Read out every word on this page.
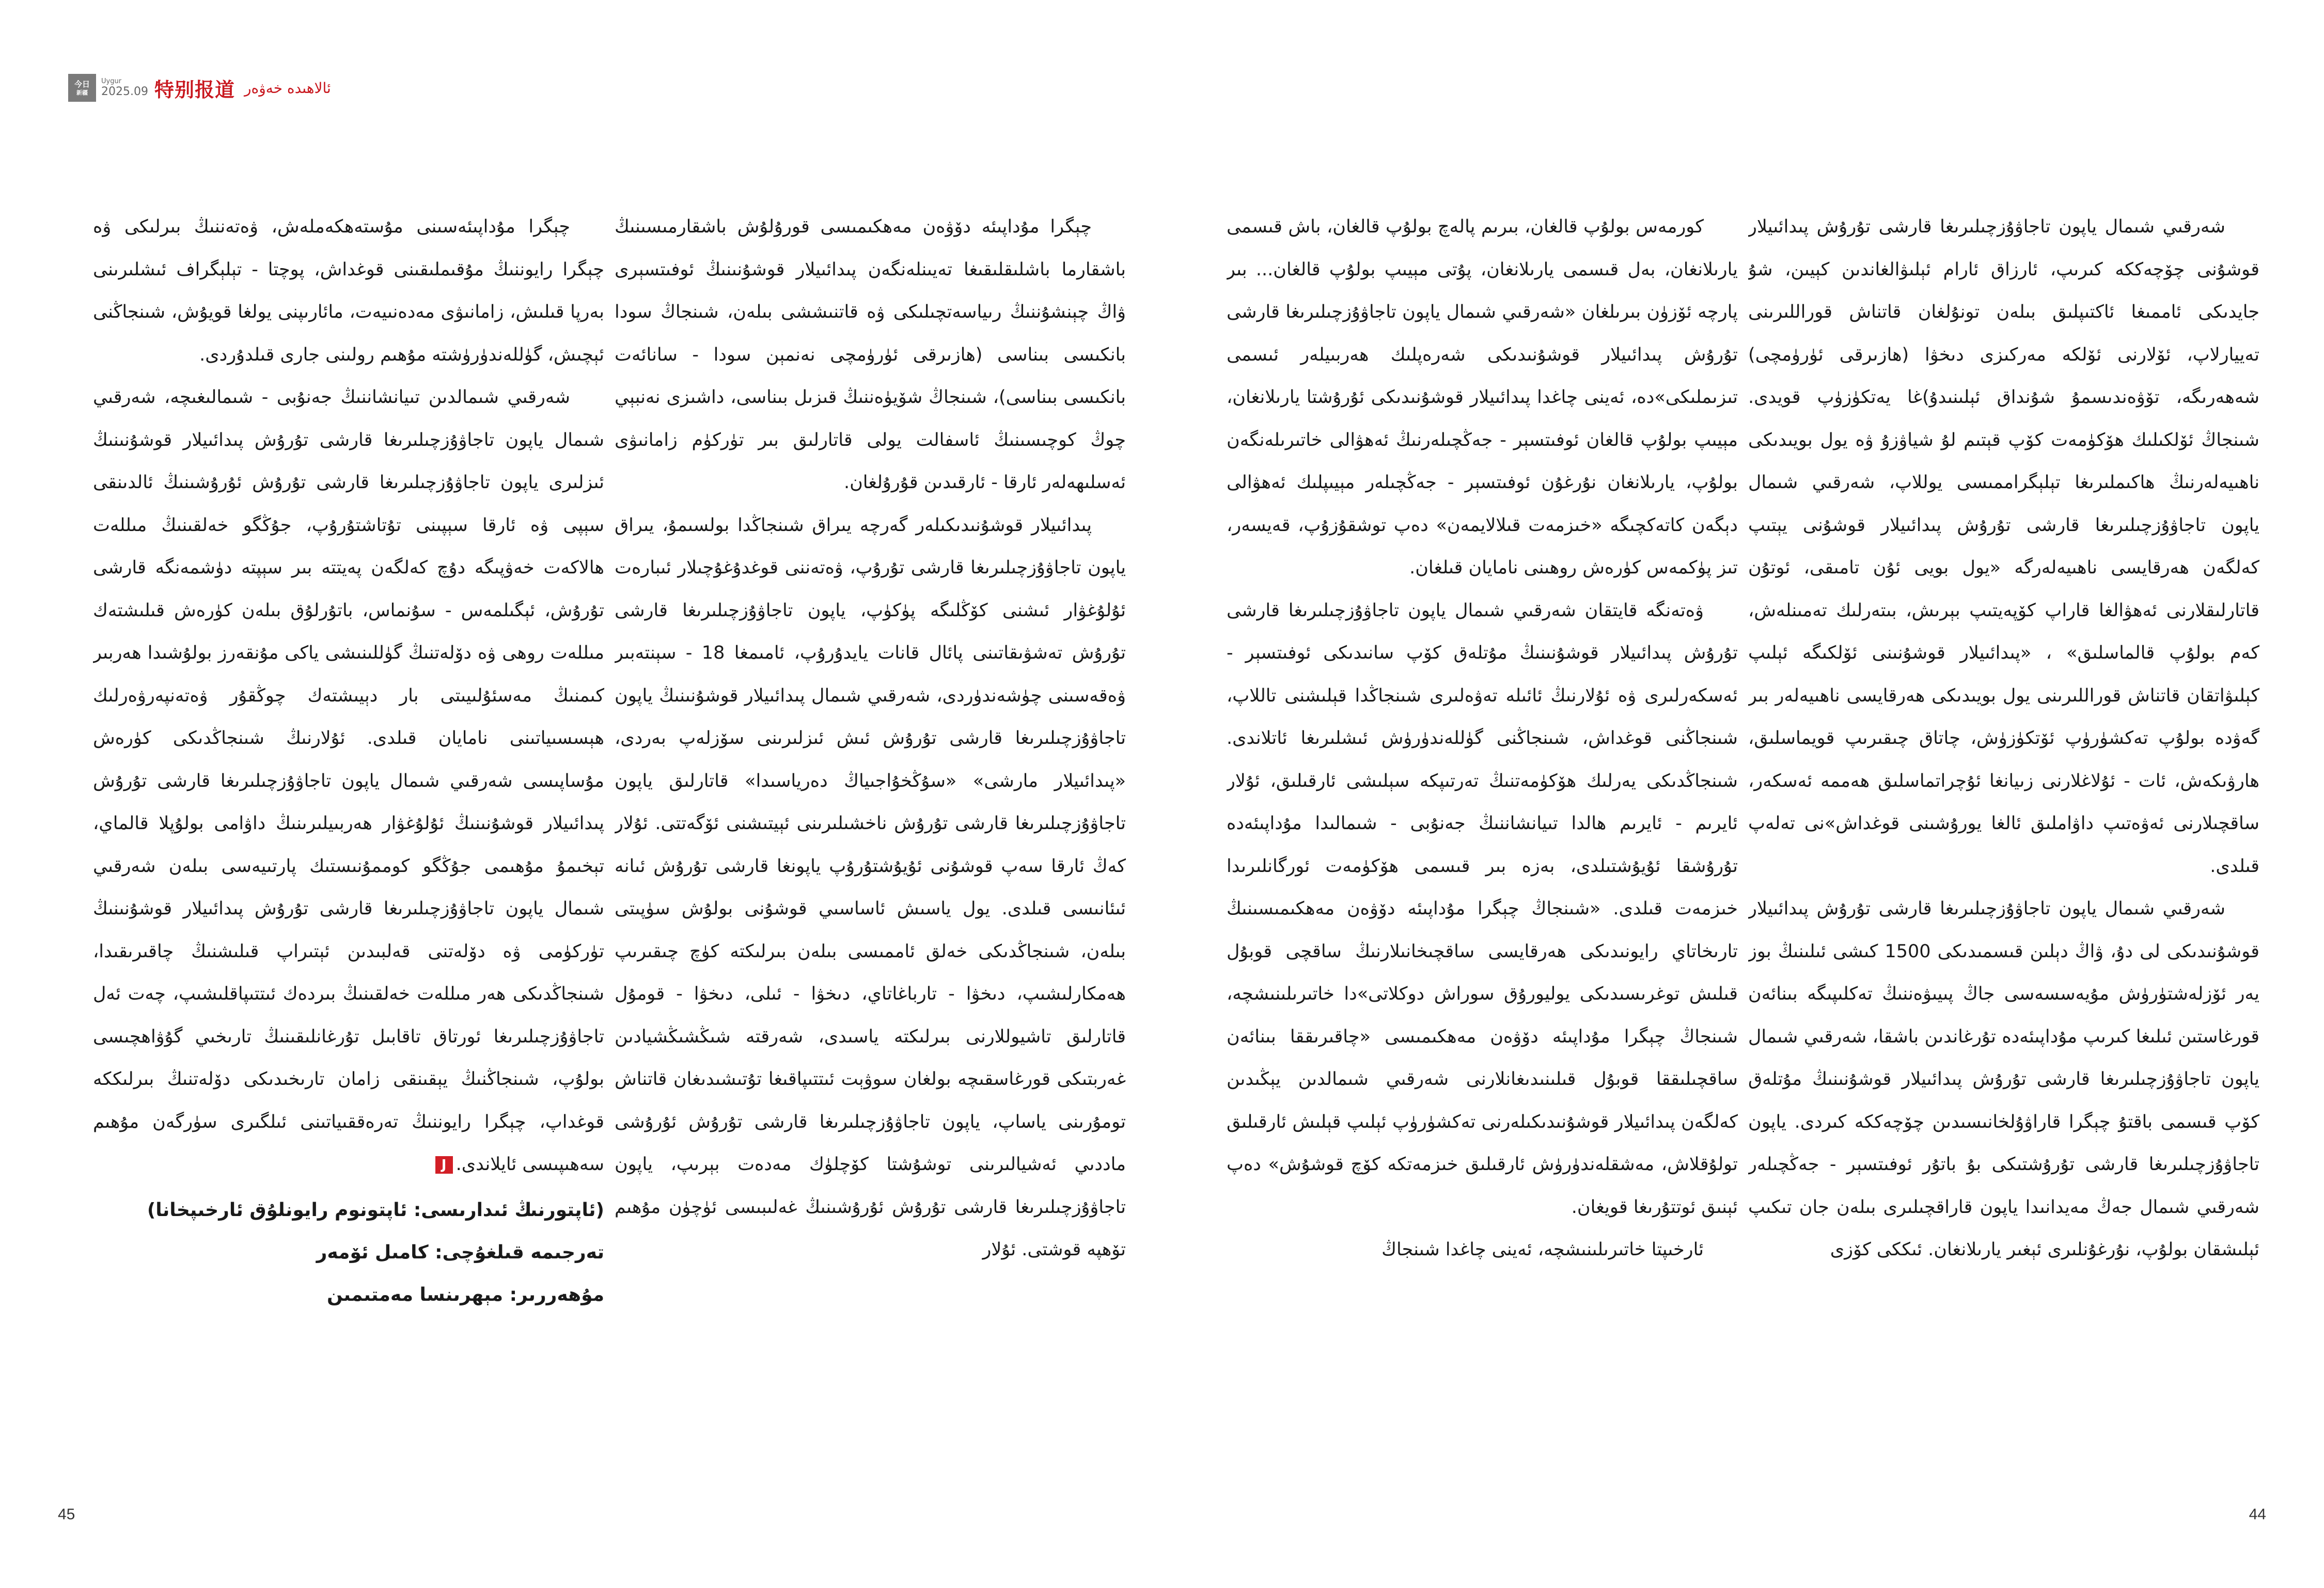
今日
新疆
Uygur
2025.09 特别报道 ئالاھىدە خەۋەر

شەرقىي شىمال ياپون تاجاۋۇزچىلىرىغا قارشى تۇرۇش پىدائىيلار قوشۇنى چۆچەككە كىرىپ، ئارزاق ئارام ئېلىۋالغاندىن كېيىن، شۇ جايدىكى ئاممىغا ئاكتىپلىق بىلەن تونۇلغان قاتناش قوراللىرىنى تەييارلاپ، ئۆلارنى ئۆلكە مەركىزى دىخۋا (ھازىرقى ئۈرۈمچى) شەھەرىگە، تۆۋەندىسمۇ شۇنداق ئېلىنىدۇ)غا يەتكۈزۈپ قويدى. شىنجاڭ ئۆلكىلىك ھۆكۈمەت كۆپ قېتىم لۇ شياۋزۇ ۋە يول بويىدىكى ناھىيەلەرنىڭ ھاكىملىرىغا تېلېگراممىسى يوللاپ، شەرقىي شىمال ياپون تاجاۋۇزچىلىرىغا قارشى تۇرۇش پىدائىيلار قوشۇنى يېتىپ كەلگەن ھەرقايسى ناھىيەلەرگە «يول بويى ئۇن تامىقى، ئوتۇن قاتارلىقلارنى ئەھۋالغا قاراپ كۆپەيتىپ بېرىش، بىتەرلىك تەمىنلەش، كەم بولۇپ قالماسلىق» ، «پىدائىيلار قوشۇنىنى ئۆلكىگە ئېلىپ كېلىۋاتقان قاتناش قوراللىرىنى يول بويىدىكى ھەرقايسى ناھىيەلەر بىر گەۋدە بولۇپ تەكشۈرۈپ ئۆتكۈزۈش، چاتاق چىقىرىپ قويماسلىق، ھارۋىكەش، ئات - ئۇلاغلارنى زىيانغا ئۇچراتماسلىق ھەممە ئەسكەر، ساقچىلارنى ئەۋەتىپ داۋاملىق ئالغا يورۇشىنى قوغداش»نى تەلەپ قىلدى.

شەرقىي شىمال ياپون تاجاۋۇزچىلىرىغا قارشى تۇرۇش پىدائىيلار قوشۇنىدىكى لى دۇ، ۋاڭ دېلىن قىسمىدىكى 1500 كىشى ئىلىنىڭ بوز يەر ئۆزلەشتۈرۈش مۇيەسسەسى جاڭ پىيىۋەننىڭ تەكلىپىگە بىنائەن قورغاستىن ئىلىغا كىرىپ مۇداپىئەدە تۇرغاندىن باشقا، شەرقىي شىمال ياپون تاجاۋۇزچىلىرىغا قارشى تۇرۇش پىدائىيلار قوشۇنىنىڭ مۇتلەق كۆپ قىسمى باقتۇ چېگرا قاراۋۇلخانىسىدىن چۆچەككە كىردى. ياپون تاجاۋۇزچىلىرىغا قارشى تۇرۇشتىكى بۇ باتۇر ئوفىتسېر - جەڭچىلەر شەرقىي شىمال جەڭ مەيدانىدا ياپون قاراقچىلىرى بىلەن جان تىكىپ ئېلىشقان بولۇپ، نۇرغۇنلىرى ئېغىر يارىلانغان. ئىككى كۆزى

كورمەس بولۇپ قالغان، بىرىم پالەچ بولۇپ قالغان، باش قىسمى يارىلانغان، بەل قىسمى يارىلانغان، پۇتى مېيىپ بولۇپ قالغان... بىر پارچە ئۆزۈن بىرىلغان «شەرقىي شىمال ياپون تاجاۋۇزچىلىرىغا قارشى تۇرۇش پىدائىيلار قوشۇنىدىكى شەرەپلىك ھەربىيلەر ئىسمى تىزىملىكى»دە، ئەينى چاغدا پىدائىيلار قوشۇنىدىكى ئۇرۇشتا يارىلانغان، مېيىپ بولۇپ قالغان ئوفىتسېر - جەڭچىلەرنىڭ ئەھۋالى خاتىرىلەنگەن بولۇپ، يارىلانغان نۇرغۇن ئوفىتسېر - جەڭچىلەر مېيىپلىك ئەھۋالى دېگەن كاتەكچىگە «خىزمەت قىلالايمەن» دەپ توشقۇزۇپ، قەيسەر، تىز پۈكمەس كۈرەش روھىنى نامايان قىلغان.

ۋەتەنگە قايتقان شەرقىي شىمال ياپون تاجاۋۇزچىلىرىغا قارشى تۇرۇش پىدائىيلار قوشۇنىنىڭ مۇتلەق كۆپ سانىدىكى ئوفىتسېر - ئەسكەرلىرى ۋە ئۇلارنىڭ ئائىلە تەۋەلىرى شىنجاڭدا قېلىشنى تاللاپ، شىنجاڭنى قوغداش، شىنجاڭنى گۈللەندۈرۈش ئىشلىرىغا ئاتلاندى. شىنجاڭدىكى يەرلىك ھۆكۈمەتنىڭ تەرتىپكە سېلىشى ئارقىلىق، ئۇلار ئايرىم - ئايرىم ھالدا تىيانشاننىڭ جەنۇبى - شىمالىدا مۇداپىئەدە تۇرۇشقا ئۇيۇشتىلدى، بەزە بىر قىسمى ھۆكۈمەت ئورگانلىرىدا خىزمەت قىلدى. «شىنجاڭ چېگرا مۇداپىئە دۆۋەن مەھكىمىسىنىڭ تارىخاتاي رايونىدىكى ھەرقايسى ساقچىخانىلارنىڭ ساقچى قوبۇل قىلىش توغرىسىدىكى يوليورۇق سوراش دوكلاتى»دا خاتىرىلىنىشچە، شىنجاڭ چېگرا مۇداپىئە دۆۋەن مەھكىمىسى «چاقىرىققا بىنائەن ساقچىلىققا قوبۇل قىلىنىدىغانلارنى شەرقىي شىمالدىن يېڭىدىن كەلگەن پىدائىيلار قوشۇنىدىكىلەرنى تەكشۈرۈپ ئېلىپ قېلىش ئارقىلىق تولۇقلاش، مەشقلەندۈرۈش ئارقىلىق خىزمەتكە كۆچ قوشۇش» دەپ ئېنىق ئوتتۇرىغا قويغان.

ئارخىپتا خاتىرىلىنىشچە، ئەينى چاغدا شىنجاڭ

چېگرا مۇداپىئە دۆۋەن مەھكىمىسى قورۇلۇش باشقارمىسىنىڭ باشقارما باشلىقلىقىغا تەيىنلەنگەن پىدائىيلار قوشۇنىنىڭ ئوفىتسېرى ۋاڭ چېنشۇننىڭ رىياسەتچىلىكى ۋە قاتنىششى بىلەن، شىنجاڭ سودا بانكىسى بىناسى (ھازىرقى ئۈرۈمچى نەنمېن سودا - سانائەت بانكىسى بىناسى)، شىنجاڭ شۆيۈەننىڭ قىزىل بىناسى، داشىزى نەنبېي چوڭ كوچىسىنىڭ ئاسفالت يولى قاتارلىق بىر تۈركۈم زامانىۋى ئەسلىھەلەر ئارقا - ئارقىدىن قۇرۇلغان.

پىدائىيلار قوشۇنىدىكىلەر گەرچە يىراق شىنجاڭدا بولسىمۇ، يىراق ياپون تاجاۋۇزچىلىرىغا قارشى تۇرۇپ، ۋەتەننى قوغدۇغۇچىلار ئىبارەت ئۇلۇغۋار ئىشنى كۆڭلىگە پۈكۈپ، ياپون تاجاۋۇزچىلىرىغا قارشى تۇرۇش تەشۋىقاتىنى پائال قانات يايدۇرۇپ، ئامىمغا 18 - سېنتەبىر ۋەقەسىنى چۈشەندۈردى، شەرقىي شىمال پىدائىيلار قوشۇنىنىڭ ياپون تاجاۋۇزچىلىرىغا قارشى تۇرۇش ئىش ئىزلىرىنى سۆزلەپ بەردى، «پىدائىيلار مارشى» «سۇڭخۇاجىياڭ دەرياسىدا» قاتارلىق ياپون تاجاۋۇزچىلىرىغا قارشى تۇرۇش ناخشىلىرىنى ئېيتىشنى ئۆگەتتى. ئۇلار كەڭ ئارقا سەپ قوشۇنى ئۇيۇشتۇرۇپ ياپونغا قارشى تۇرۇش ئىانە ئىئانىسى قىلدى. يول ياسىش ئاساسىي قوشۇنى بولۇش سۈپىتى بىلەن، شىنجاڭدىكى خەلق ئاممىسى بىلەن بىرلىكتە كۈچ چىقىرىپ ھەمكارلىشىپ، دىخۋا - تارباغاتاي، دىخۋا - ئىلى، دىخۋا - قومۇل قاتارلىق تاشيوللارنى بىرلىكتە ياسىدى، شەرقتە شىڭشىڭشيادىن غەربتىكى قورغاسقىچە بولغان سوۋېت ئىتتىپاقىغا تۇتىشىدىغان قاتناش تومۇرىنى ياساپ، ياپون تاجاۋۇزچىلىرىغا قارشى تۇرۇش ئۇرۇشى ماددىي ئەشيالىرىنى توشۇشتا كۆچلۈك مەدەت بېرىپ، ياپون تاجاۋۇزچىلىرىغا قارشى تۇرۇش ئۇرۇشىنىڭ غەلىبىسى ئۈچۈن مۇھىم تۆھپە قوشتى. ئۇلار

چېگرا مۇداپىئەسىنى مۇستەھكەملەش، ۋەتەننىڭ بىرلىكى ۋە چېگرا رايوننىڭ مۇقىملىقىنى قوغداش، پوچتا - تېلېگراف ئىشلىرىنى بەرپا قىلىش، زامانىۋى مەدەنىيەت، مائارىپنى يولغا قويۇش، شىنجاڭنى ئېچىش، گۈللەندۈرۈشتە مۇھىم رولىنى جارى قىلدۇردى.

شەرقىي شىمالدىن تىيانشاننىڭ جەنۇبى - شىمالىغىچە، شەرقىي شىمال ياپون تاجاۋۇزچىلىرىغا قارشى تۇرۇش پىدائىيلار قوشۇنىنىڭ ئىزلىرى ياپون تاجاۋۇزچىلىرىغا قارشى تۇرۇش ئۇرۇشىنىڭ ئالدىنقى سېپى ۋە ئارقا سېپىنى تۇتاشتۇرۇپ، جۇڭگو خەلقىنىڭ مىللەت ھالاكەت خەۋپىگە دۇچ كەلگەن پەيتتە بىر سېپتە دۈشمەنگە قارشى تۇرۇش، ئېگىلمەس - سۇنماس، باتۇرلۇق بىلەن كۈرەش قىلىشتەك مىللەت روھى ۋە دۆلەتنىڭ گۈللىنىشى ياكى مۇنقەرز بولۇشىدا ھەربىر كىمنىڭ مەسئۇلىيىتى بار دېيىشتەك چوڭقۇر ۋەتەنپەرۋەرلىك ھېسسىياتىنى نامايان قىلدى. ئۇلارنىڭ شىنجاڭدىكى كۈرەش مۇساپىسى شەرقىي شىمال ياپون تاجاۋۇزچىلىرىغا قارشى تۇرۇش پىدائىيلار قوشۇنىنىڭ ئۇلۇغۋار ھەربىيلىرىنىڭ داۋامى بولۇپلا قالماي، تېخىمۇ مۇھىمى جۇڭگو كوممۇنىستىك پارتىيەسى بىلەن شەرقىي شىمال ياپون تاجاۋۇزچىلىرىغا قارشى تۇرۇش پىدائىيلار قوشۇنىنىڭ تۈركۈمى ۋە دۆلەتنى قەلبىدىن ئېتىراپ قىلىشنىڭ چاقىرىقىدا، شىنجاڭدىكى ھەر مىللەت خەلقىنىڭ بىردەك ئىتتىپاقلىشىپ، چەت ئەل تاجاۋۇزچىلىرىغا ئورتاق تاقابىل تۇرغانلىقىنىڭ تارىخىي گۇۋاھچىسى بولۇپ، شىنجاڭنىڭ يېقىنقى زامان تارىخىدىكى دۆلەتنىڭ بىرلىككە قوغداپ، چېگرا رايوننىڭ تەرەققىياتىنى ئىلگىرى سۈرگەن مۇھىم سەھىپىسى ئايلاندى.J

(ئاپتورنىڭ ئىدارىسى: ئاپتونوم رايونلۇق ئارخىپخانا)
تەرجىمە قىلغۇچى: كامىل ئۆمەر
مۇھەررىر: مېھرىنسا مەمتىمىن
45	44
